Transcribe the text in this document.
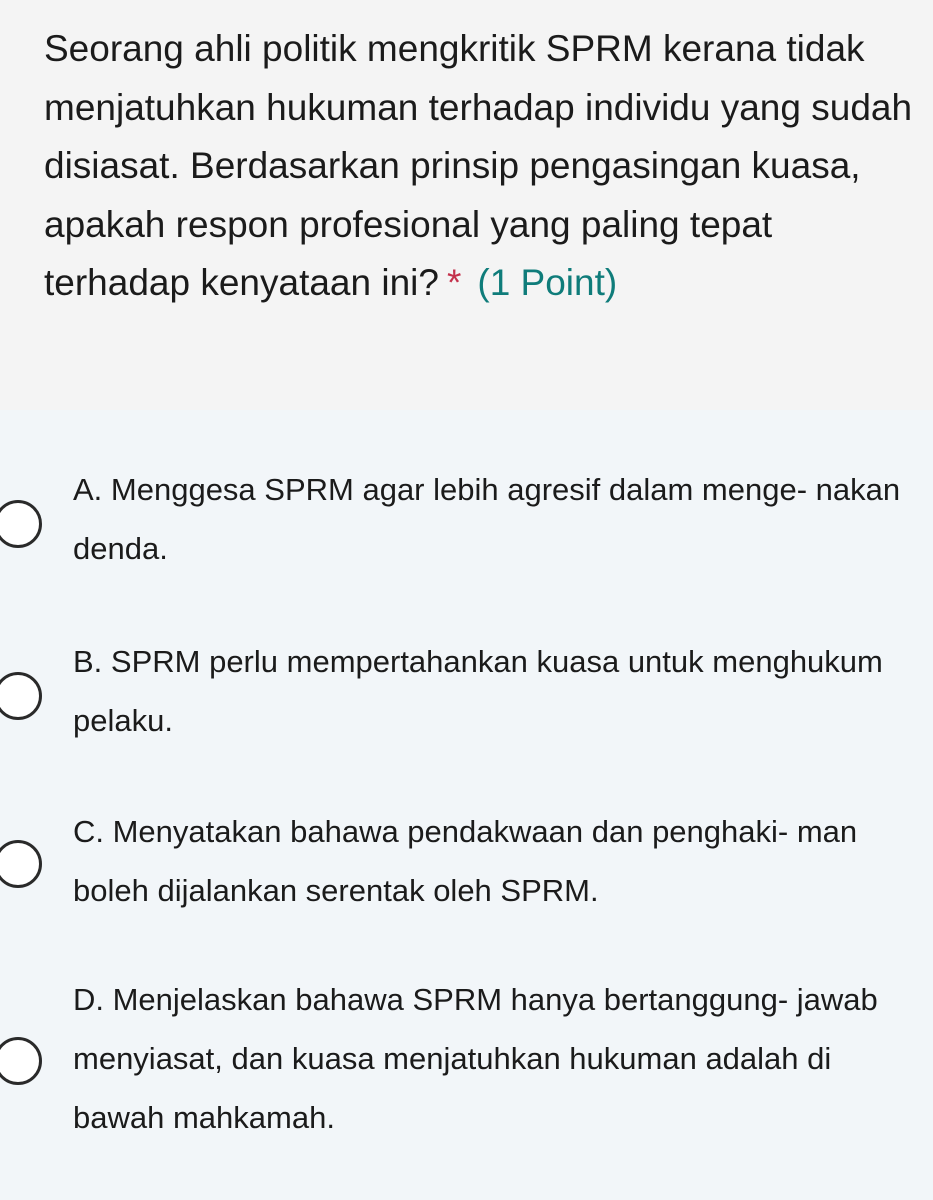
Seorang ahli politik mengkritik SPRM kerana tidak menjatuhkan hukuman terhadap individu yang sudah disiasat. Berdasarkan prinsip pengasingan kuasa, apakah respon profesional yang paling tepat terhadap kenyataan ini? * (1 Point)

A. Menggesa SPRM agar lebih agresif dalam menge- nakan denda.
B. SPRM perlu mempertahankan kuasa untuk menghukum pelaku.
C. Menyatakan bahawa pendakwaan dan penghaki- man boleh dijalankan serentak oleh SPRM.
D. Menjelaskan bahawa SPRM hanya bertanggung- jawab menyiasat, dan kuasa menjatuhkan hukuman adalah di bawah mahkamah.
